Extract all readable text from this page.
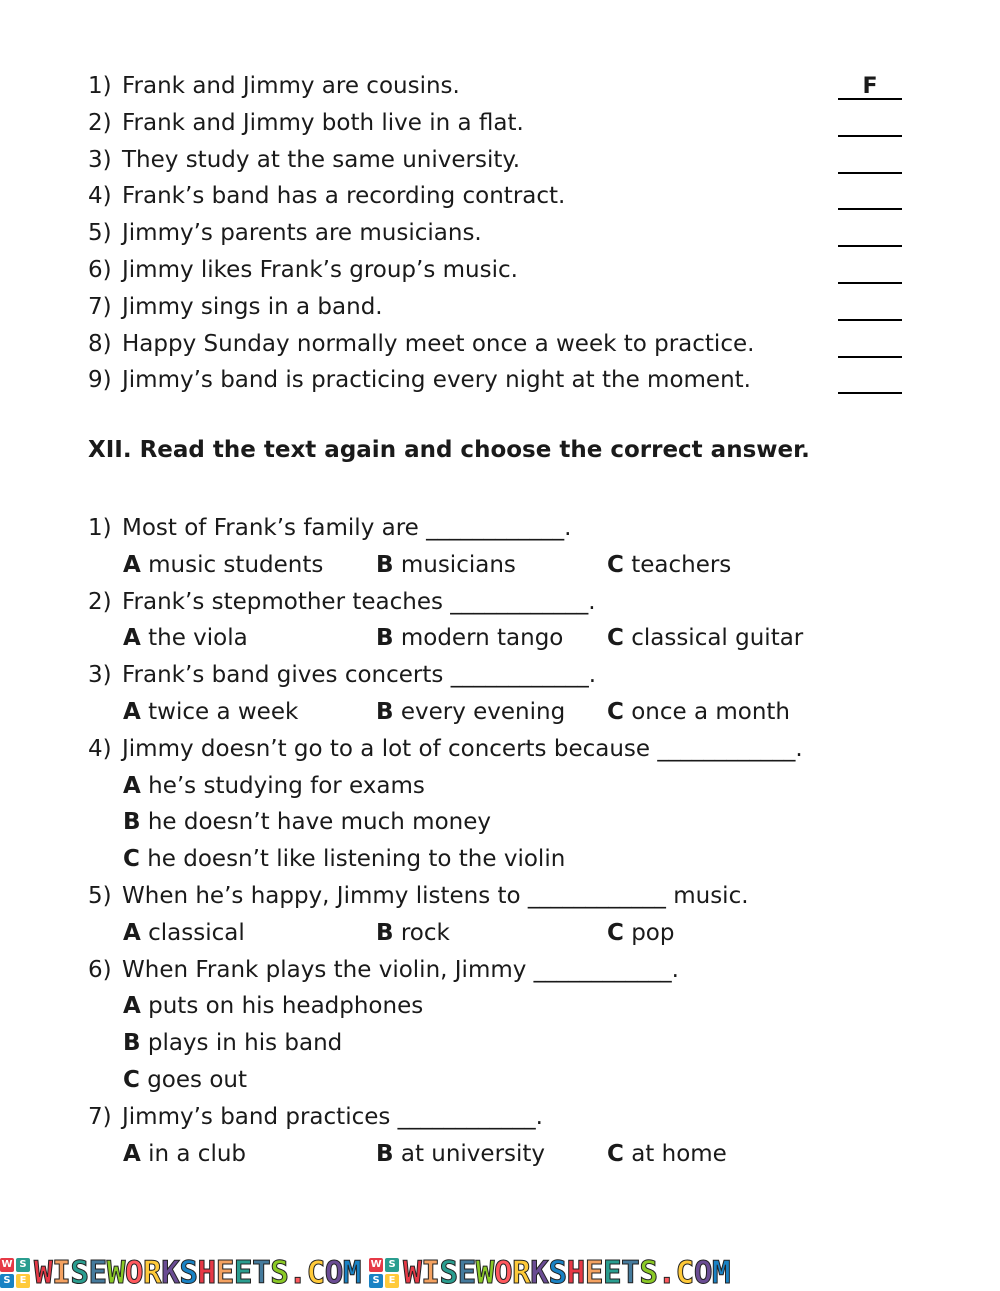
1) Frank and Jimmy are cousins.	F
2) Frank and Jimmy both live in a flat.
3) They study at the same university.
4) Frank’s band has a recording contract.
5) Jimmy’s parents are musicians.
6) Jimmy likes Frank’s group’s music.
7) Jimmy sings in a band.
8) Happy Sunday normally meet once a week to practice.
9) Jimmy’s band is practicing every night at the moment.
XII. Read the text again and choose the correct answer.
1) Most of Frank’s family are ____________.
A music students B musicians	C teachers
2) Frank’s stepmother teaches ____________.
A the viola	B modern tango C classical guitar
3) Frank’s band gives concerts ____________.
A twice a week	B every evening C once a month
4) Jimmy doesn’t go to a lot of concerts because ____________.
A he’s studying for exams
B he doesn’t have much money
C he doesn’t like listening to the violin
5) When he’s happy, Jimmy listens to ____________ music.
A classical	B rock	C pop
6) When Frank plays the violin, Jimmy ____________.
A puts on his headphones
B plays in his band
C goes out
7) Jimmy’s band practices ____________.
A in a club	B at university	C at home
W S
S E W I S E W O R K S H E E T S . C O M W S
S E W I S E W O R K S H E E T S . C O M
